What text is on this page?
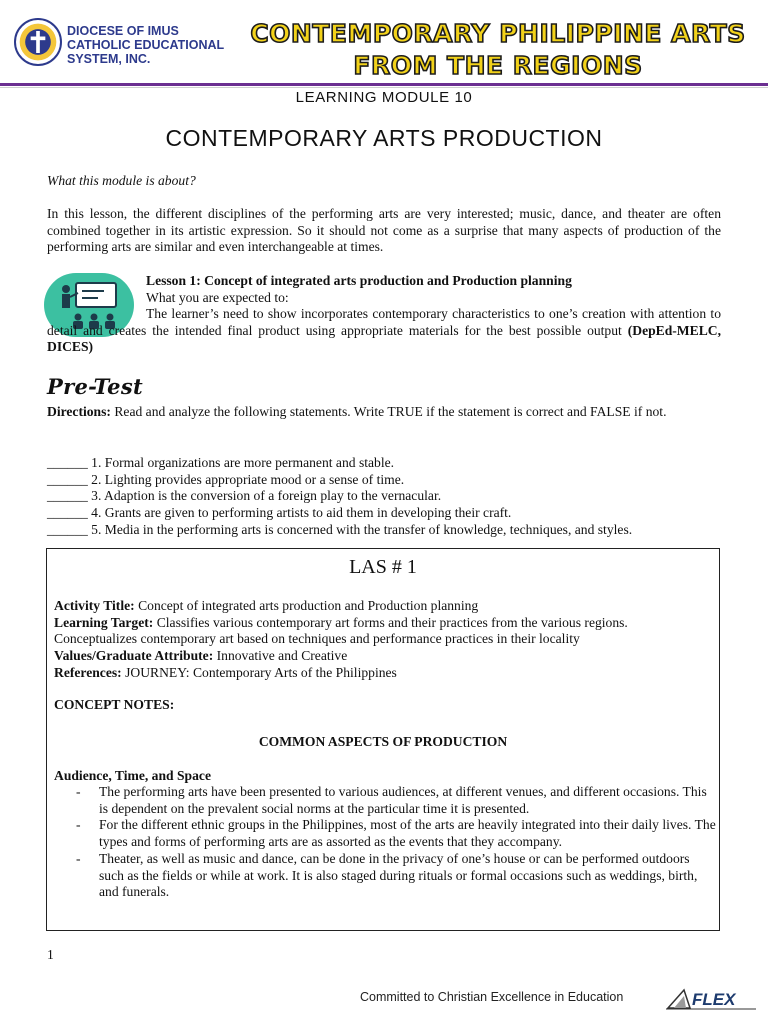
DIOCESE OF IMUS
CATHOLIC EDUCATIONAL
SYSTEM, INC.
CONTEMPORARY PHILIPPINE ARTS
FROM THE REGIONS
LEARNING MODULE 10
CONTEMPORARY ARTS PRODUCTION
What this module is about?
In this lesson, the different disciplines of the performing arts are very interested; music, dance, and theater are often combined together in its artistic expression. So it should not come as a surprise that many aspects of production of the performing arts are similar and even interchangeable at times.
Lesson 1: Concept of integrated arts production and Production planning
What you are expected to:
The learner’s need to show incorporates contemporary characteristics to one’s creation with attention to detail and creates the intended final product using appropriate materials for the best possible output (DepEd-MELC, DICES)
Pre-Test
Directions: Read and analyze the following statements. Write TRUE if the statement is correct and FALSE if not.
______ 1. Formal organizations are more permanent and stable.
______ 2. Lighting provides appropriate mood or a sense of time.
______ 3. Adaption is the conversion of a foreign play to the vernacular.
______ 4. Grants are given to performing artists to aid them in developing their craft.
______ 5. Media in the performing arts is concerned with the transfer of knowledge, techniques, and styles.
LAS # 1
Activity Title: Concept of integrated arts production and Production planning
Learning Target: Classifies various contemporary art forms and their practices from the various regions.
Conceptualizes contemporary art based on techniques and performance practices in their locality
Values/Graduate Attribute: Innovative and Creative
References: JOURNEY: Contemporary Arts of the Philippines
CONCEPT NOTES:
COMMON ASPECTS OF PRODUCTION
Audience, Time, and Space
- The performing arts have been presented to various audiences, at different venues, and different occasions. This is dependent on the prevalent social norms at the particular time it is presented.
- For the different ethnic groups in the Philippines, most of the arts are heavily integrated into their daily lives. The types and forms of performing arts are as assorted as the events that they accompany.
- Theater, as well as music and dance, can be done in the privacy of one’s house or can be performed outdoors such as the fields or while at work. It is also staged during rituals or formal occasions such as weddings, birth, and funerals.
1
Committed to Christian Excellence in Education	FLEX
